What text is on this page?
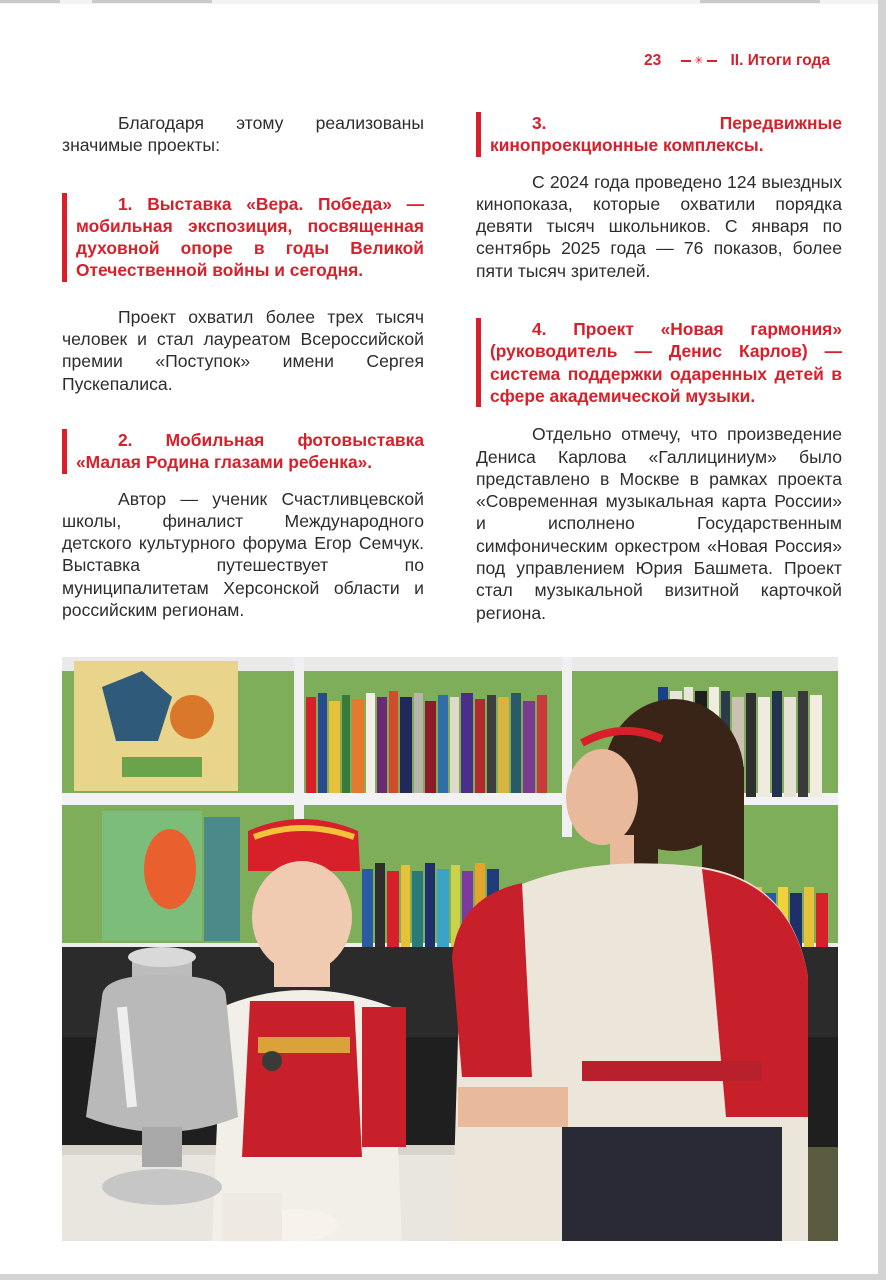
23	✳ II. Итоги года

Благодаря этому реализованы значимые проекты:

1. Выставка «Вера. Победа» — мобильная экспозиция, посвященная духовной опоре в годы Великой Отечественной войны и сегодня.

Проект охватил более трех тысяч человек и стал лауреатом Всероссийской премии «Поступок» имени Сергея Пускепалиса.

2. Мобильная фотовыставка «Малая Родина глазами ребенка».

Автор — ученик Счастливцевской школы, финалист Международного детского культурного форума Егор Семчук. Выставка путешествует по муниципалитетам Херсонской области и российским регионам.

3. Передвижные кинопроекционные комплексы.

С 2024 года проведено 124 выездных кинопоказа, которые охватили порядка девяти тысяч школьников. С января по сентябрь 2025 года — 76 показов, более пяти тысяч зрителей.

4. Проект «Новая гармония» (руководитель — Денис Карлов) — система поддержки одаренных детей в сфере академической музыки.

Отдельно отмечу, что произведение Дениса Карлова «Галлициниум» было представлено в Москве в рамках проекта «Современная музыкальная карта России» и исполнено Государственным симфоническим оркестром «Новая Россия» под управлением Юрия Башмета. Проект стал музыкальной визитной карточкой региона.
